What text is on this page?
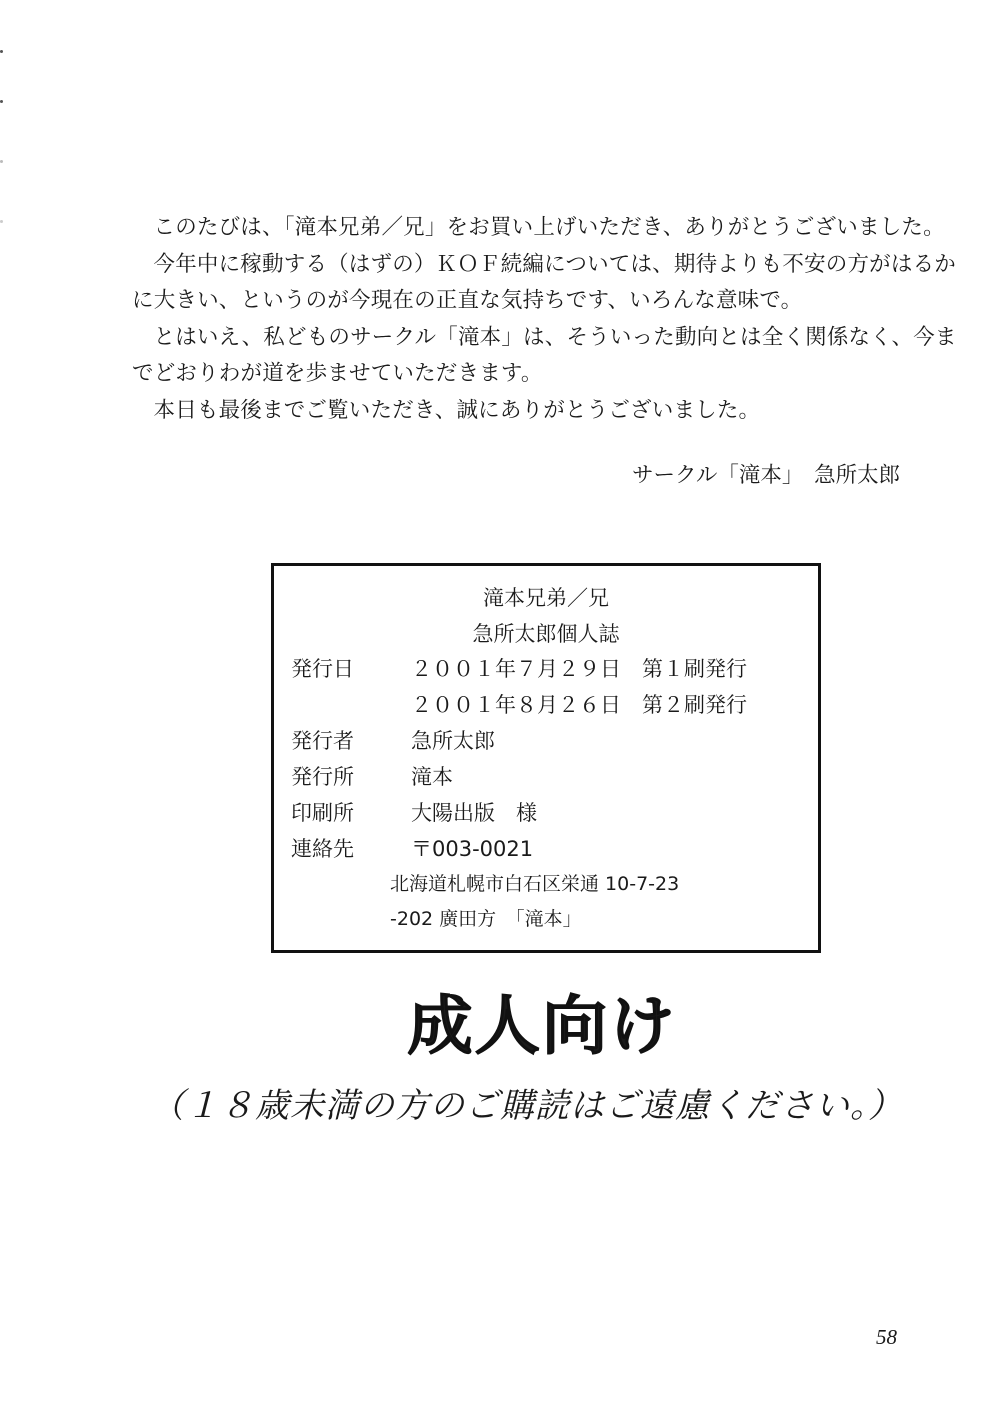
このたびは、「滝本兄弟／兄」をお買い上げいただき、ありがとうございました。

今年中に稼動する（はずの）ＫＯＦ続編については、期待よりも不安の方がはるかに大きい、というのが今現在の正直な気持ちです、いろんな意味で。

とはいえ、私どものサークル「滝本」は、そういった動向とは全く関係なく、今までどおりわが道を歩ませていただきます。

本日も最後までご覧いただき、誠にありがとうございました。

サークル「滝本」　急所太郎
滝本兄弟／兄
急所太郎個人誌
発行日	２００１年７月２９日　第１刷発行
２００１年８月２６日　第２刷発行
発行者	急所太郎
発行所	滝本
印刷所	大陽出版　様
連絡先	〒003-0021
北海道札幌市白石区栄通 10-7-23
-202 廣田方　「滝本」
成人向け
（１８歳未満の方のご購読はご遠慮ください。）
58
